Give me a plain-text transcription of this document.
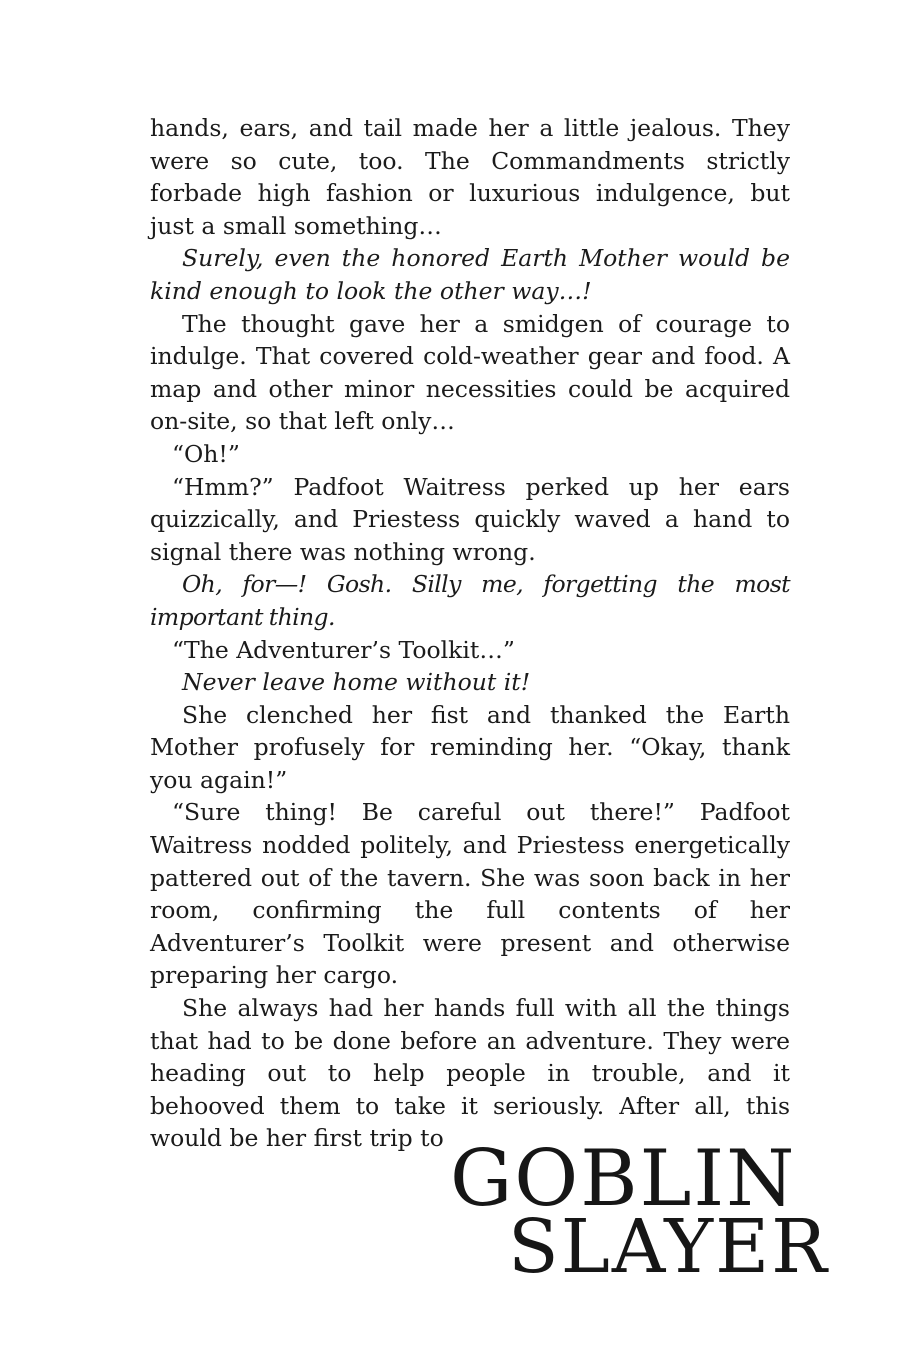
hands, ears, and tail made her a little jealous. They were so cute, too. The Commandments strictly forbade high fashion or luxurious indulgence, but just a small something…

Surely, even the honored Earth Mother would be kind enough to look the other way…!

The thought gave her a smidgen of courage to indulge. That covered cold-weather gear and food. A map and other minor necessities could be acquired on-site, so that left only…

“Oh!”

“Hmm?” Padfoot Waitress perked up her ears quizzically, and Priestess quickly waved a hand to signal there was nothing wrong.

Oh, for—! Gosh. Silly me, forgetting the most important thing.

“The Adventurer’s Toolkit…”

Never leave home without it!

She clenched her fist and thanked the Earth Mother profusely for reminding her. “Okay, thank you again!”

“Sure thing! Be careful out there!” Padfoot Waitress nodded politely, and Priestess energetically pattered out of the tavern. She was soon back in her room, confirming the full contents of her Adventurer’s Toolkit were present and otherwise preparing her cargo.

She always had her hands full with all the things that had to be done before an adventure. They were heading out to help people in trouble, and it behooved them to take it seriously. After all, this would be her first trip to GOBLIN
SLAYER
